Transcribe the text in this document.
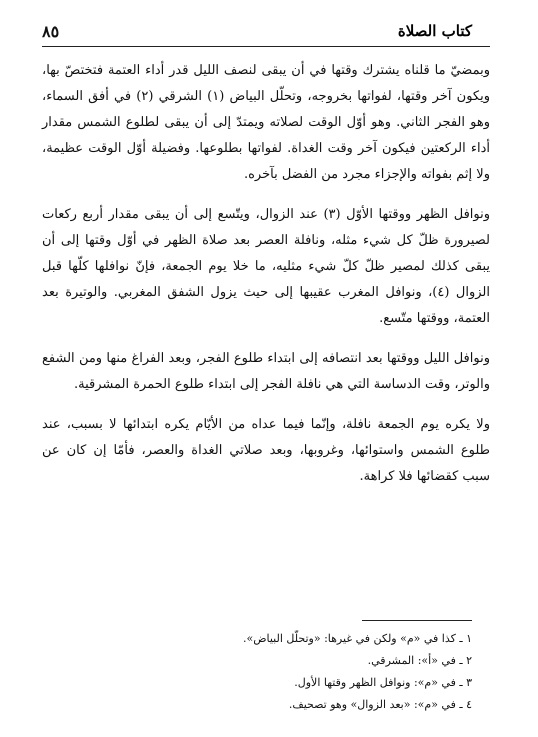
كتاب الصلاة
٨٥

وبمضيّ ما قلناه يشترك وقتها في أن يبقى لنصف الليل قدر أداء العتمة فتختصّ بها، ويكون آخر وقتها، لفواتها بخروجه، وتحلّل البياض (١) الشرقي (٢) في أفق السماء، وهو الفجر الثاني. وهو أوّل الوقت لصلاته ويمتدّ إلى أن يبقى لطلوع الشمس مقدار أداء الركعتين فيكون آخر وقت الغداة. لفواتها بطلوعها. وفضيلة أوّل الوقت عظيمة، ولا إثم بفواته والإجزاء مجرد من الفضل بآخره.

ونوافل الظهر ووقتها الأوّل (٣) عند الزوال، ويتّسع إلى أن يبقى مقدار أربع ركعات لصيرورة ظلّ كل شيء مثله، ونافلة العصر بعد صلاة الظهر في أوّل وقتها إلى أن يبقى كذلك لمصير ظلّ كلّ شيء مثليه، ما خلا يوم الجمعة، فإنّ نوافلها كلّها قبل الزوال (٤)، ونوافل المغرب عقيبها إلى حيث يزول الشفق المغربي. والوتيرة بعد العتمة، ووقتها متّسع.

ونوافل الليل ووقتها بعد انتصافه إلى ابتداء طلوع الفجر، وبعد الفراغ منها ومن الشفع والوتر، وقت الدساسة التي هي نافلة الفجر إلى ابتداء طلوع الحمرة المشرقية.

ولا يكره يوم الجمعة نافلة، وإنّما فيما عداه من الأيّام يكره ابتدائها لا بسبب، عند طلوع الشمس واستوائها، وغروبها، وبعد صلاتي الغداة والعصر، فأمّا إن كان عن سبب كقضائها فلا كراهة.

١ ـ كذا في «م» ولكن في غيرها: «وتحلّل البياض».
٢ ـ في «أ»: المشرقي.
٣ ـ في «م»: ونوافل الظهر وقتها الأول.
٤ ـ في «م»: «بعد الزوال» وهو تصحيف.
